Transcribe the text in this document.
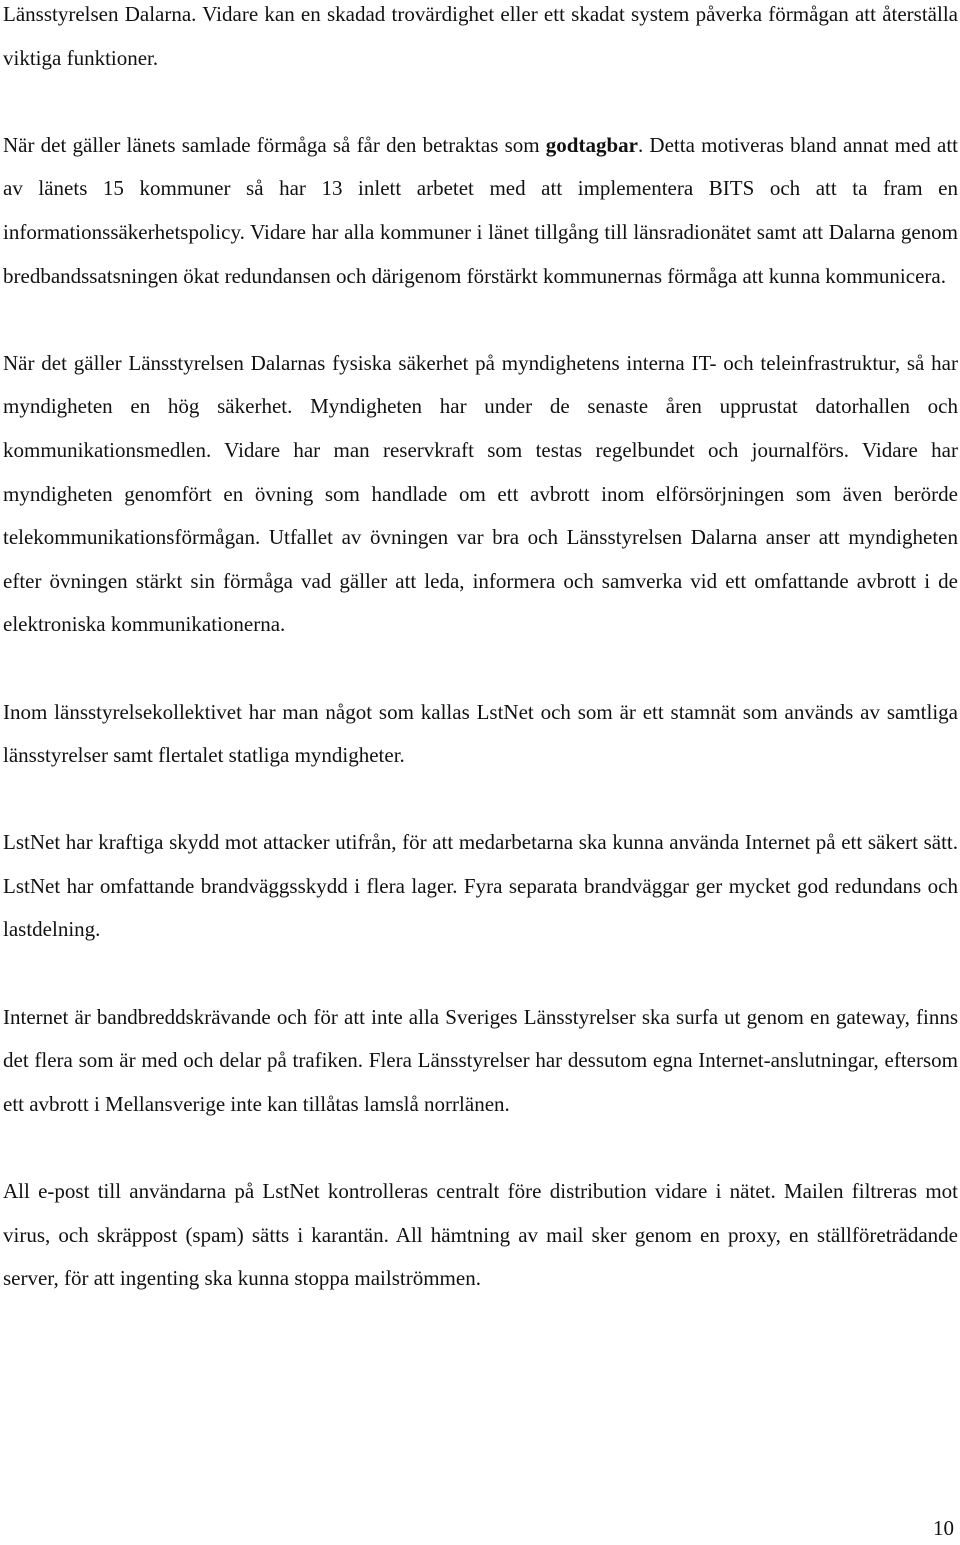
Länsstyrelsen Dalarna. Vidare kan en skadad trovärdighet eller ett skadat system påverka förmågan att återställa viktiga funktioner.

När det gäller länets samlade förmåga så får den betraktas som godtagbar. Detta motiveras bland annat med att av länets 15 kommuner så har 13 inlett arbetet med att implementera BITS och att ta fram en informationssäkerhetspolicy. Vidare har alla kommuner i länet tillgång till länsradionätet samt att Dalarna genom bredbandssatsningen ökat redundansen och därigenom förstärkt kommunernas förmåga att kunna kommunicera.

När det gäller Länsstyrelsen Dalarnas fysiska säkerhet på myndighetens interna IT- och teleinfrastruktur, så har myndigheten en hög säkerhet. Myndigheten har under de senaste åren upprustat datorhallen och kommunikationsmedlen. Vidare har man reservkraft som testas regelbundet och journalförs. Vidare har myndigheten genomfört en övning som handlade om ett avbrott inom elförsörjningen som även berörde telekommunikationsförmågan. Utfallet av övningen var bra och Länsstyrelsen Dalarna anser att myndigheten efter övningen stärkt sin förmåga vad gäller att leda, informera och samverka vid ett omfattande avbrott i de elektroniska kommunikationerna.

Inom länsstyrelsekollektivet har man något som kallas LstNet och som är ett stamnät som används av samtliga länsstyrelser samt flertalet statliga myndigheter.

LstNet har kraftiga skydd mot attacker utifrån, för att medarbetarna ska kunna använda Internet på ett säkert sätt. LstNet har omfattande brandväggsskydd i flera lager. Fyra separata brandväggar ger mycket god redundans och lastdelning.

Internet är bandbreddskrävande och för att inte alla Sveriges Länsstyrelser ska surfa ut genom en gateway, finns det flera som är med och delar på trafiken. Flera Länsstyrelser har dessutom egna Internet-anslutningar, eftersom ett avbrott i Mellansverige inte kan tillåtas lamslå norrlänen.

All e-post till användarna på LstNet kontrolleras centralt före distribution vidare i nätet. Mailen filtreras mot virus, och skräppost (spam) sätts i karantän. All hämtning av mail sker genom en proxy, en ställföreträdande server, för att ingenting ska kunna stoppa mailströmmen.

10
